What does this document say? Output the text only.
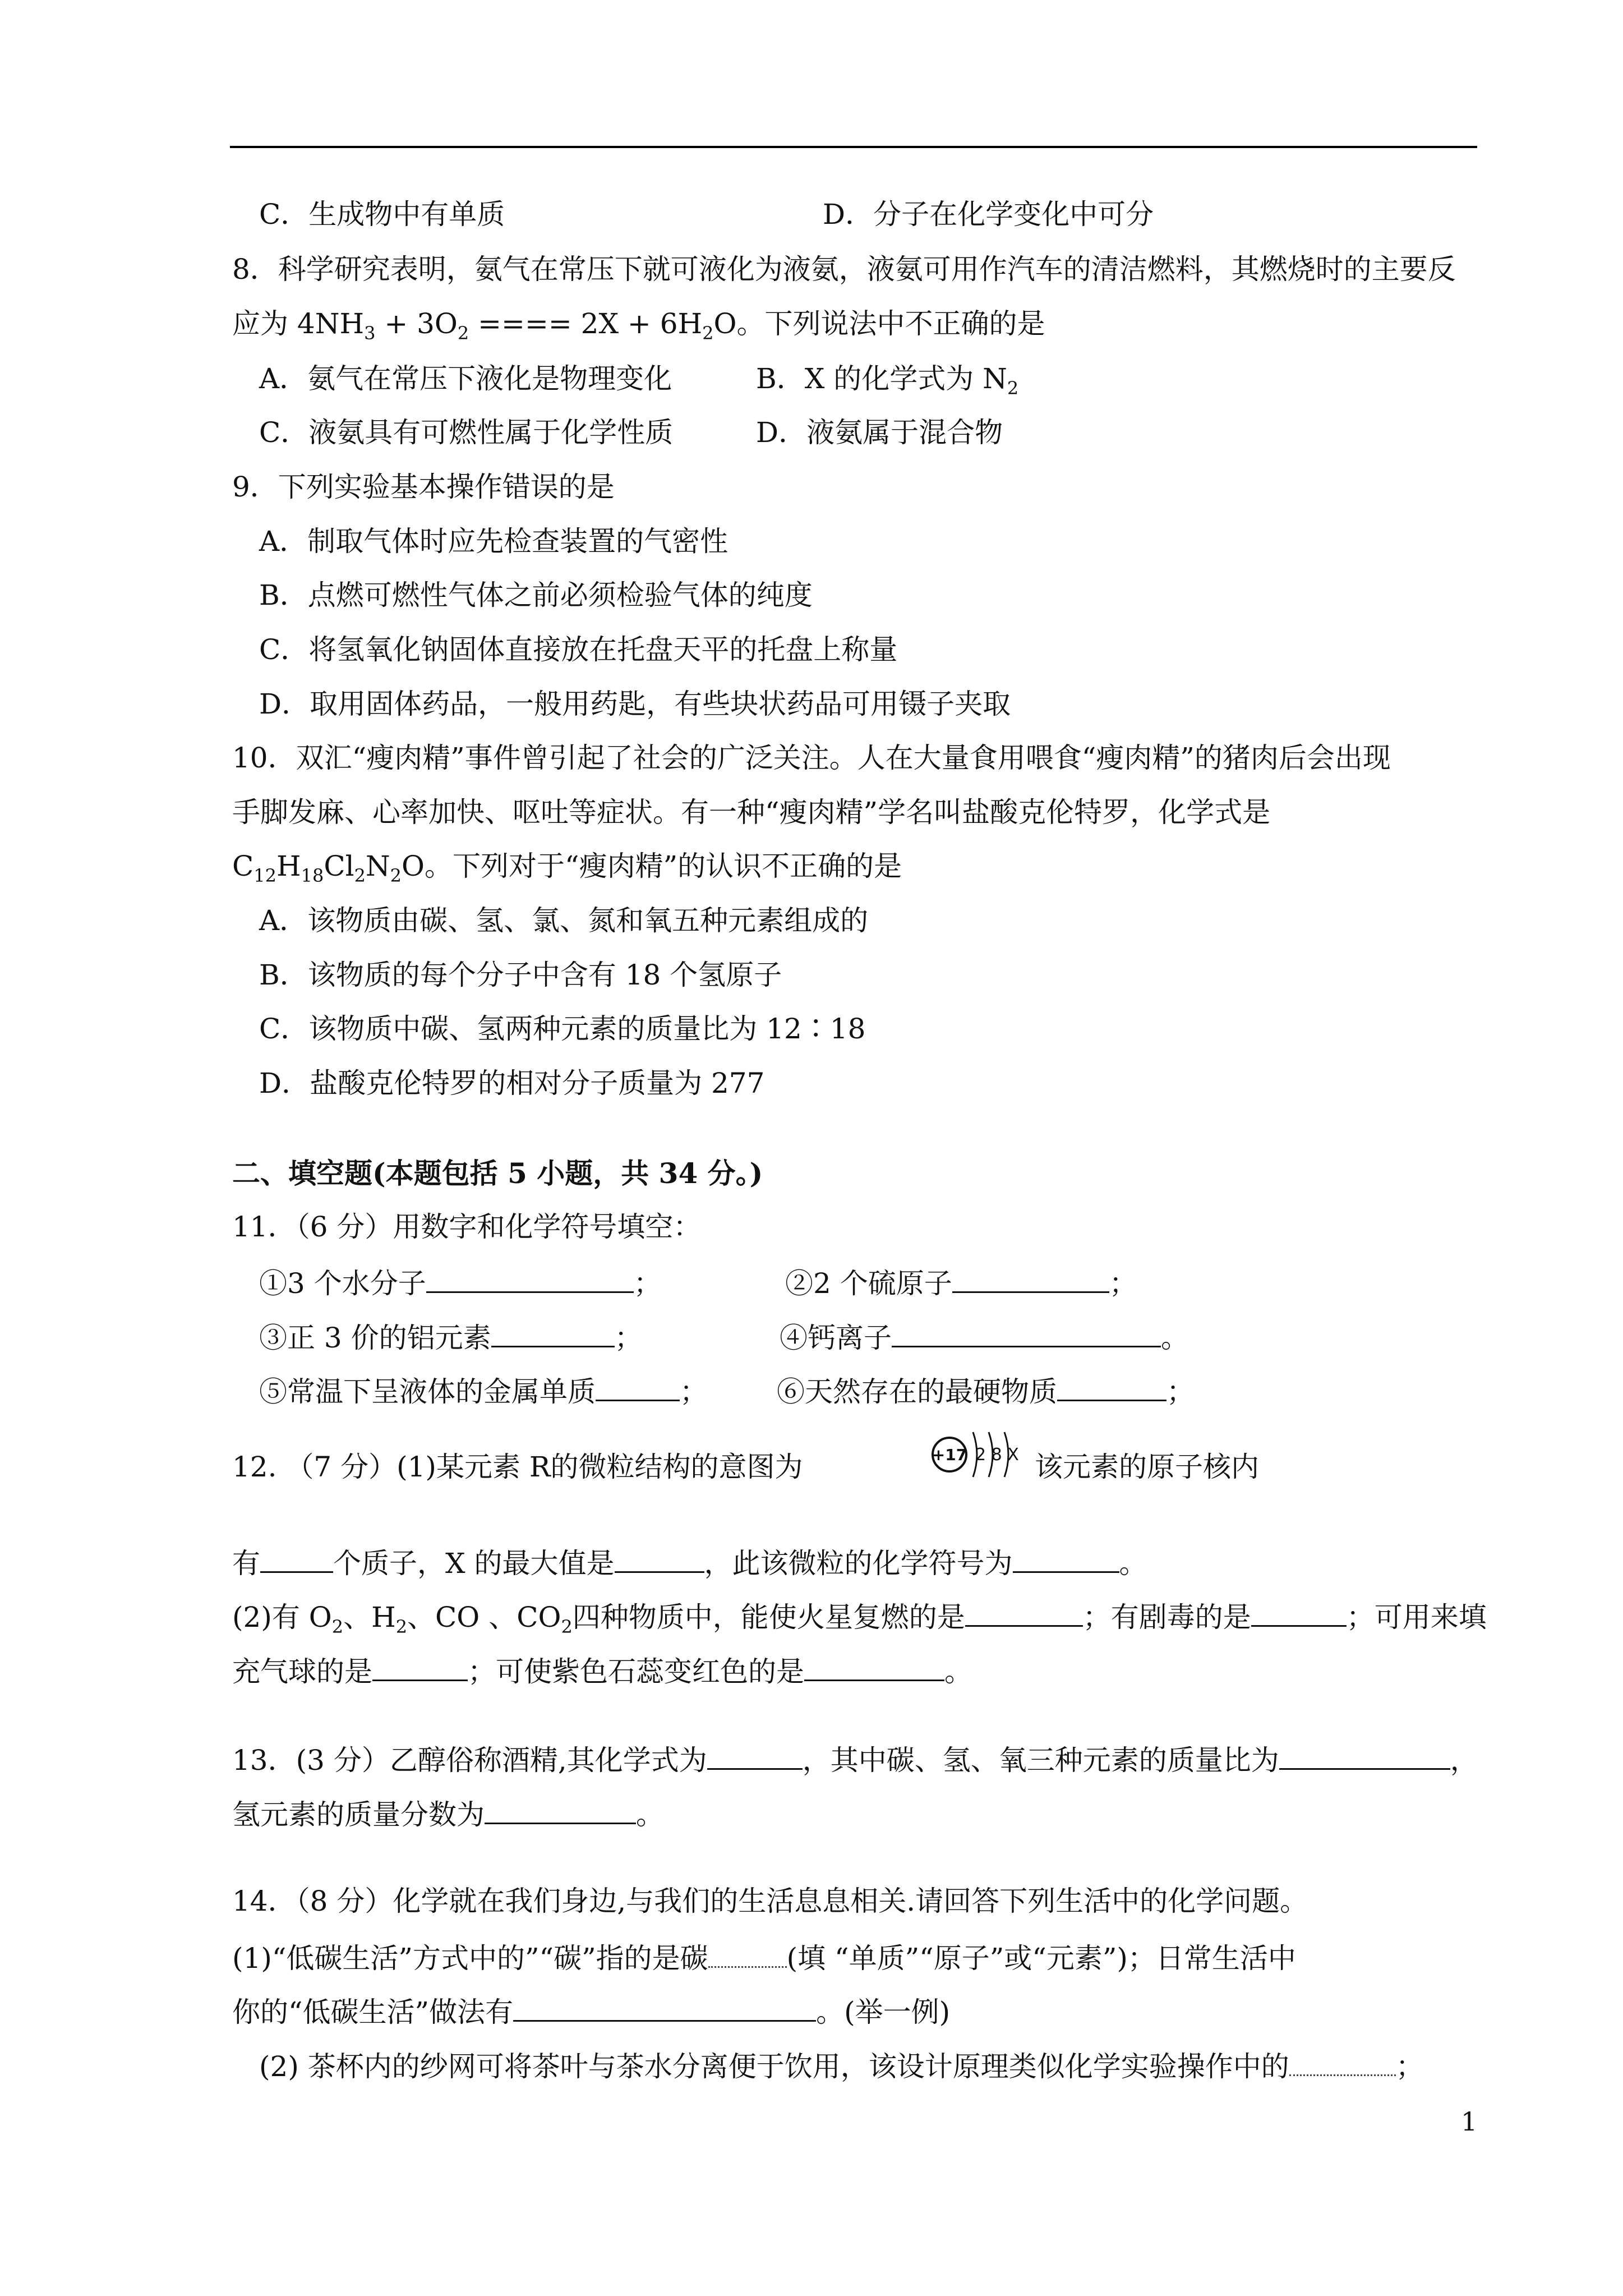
C．生成物中有单质	D．分子在化学变化中可分
8．科学研究表明，氨气在常压下就可液化为液氨，液氨可用作汽车的清洁燃料，其燃烧时的主要反
应为 $4NH_3 + 3O_2$ ==== $2X + 6H_2O$。下列说法中不正确的是
A．氨气在常压下液化是物理变化	B．X 的化学式为 $N_2$
C．液氨具有可燃性属于化学性质	D．液氨属于混合物
9．下列实验基本操作错误的是
A．制取气体时应先检查装置的气密性
B．点燃可燃性气体之前必须检验气体的纯度
C．将氢氧化钠固体直接放在托盘天平的托盘上称量
D．取用固体药品，一般用药匙，有些块状药品可用镊子夹取
10．双汇“瘦肉精”事件曾引起了社会的广泛关注。人在大量食用喂食“瘦肉精”的猪肉后会出现
手脚发麻、心率加快、呕吐等症状。有一种“瘦肉精”学名叫盐酸克伦特罗，化学式是
$C_{12}H_{18}Cl_2N_2O$。下列对于“瘦肉精”的认识不正确的是
A．该物质由碳、氢、氯、氮和氧五种元素组成的
B．该物质的每个分子中含有 18 个氢原子
C．该物质中碳、氢两种元素的质量比为 12∶18
D．盐酸克伦特罗的相对分子质量为 277
二、填空题(本题包括 5 小题，共 34 分。)
11．（6 分）用数字和化学符号填空：
①3 个水分子	；	②2 个硫原子	；
③正 3 价的铝元素	；	④钙离子	。
⑤常温下呈液体的金属单质	； ⑥天然存在的最硬物质	；
12. （7 分）(1)某元素 R的微粒结构的意图为	+17 2 8 X 该元素的原子核内
有	个质子，X 的最大值是	，此该微粒的化学符号为	。
(2)有 $O_2$、$H_2$、CO 、$CO_2$四种物质中，能使火星复燃的是	；有剧毒的是	；可用来填
充气球的是	；可使紫色石蕊变红色的是	。
13．(3 分）乙醇俗称酒精,其化学式为	，其中碳、氢、氧三种元素的质量比为	，
氢元素的质量分数为	。
14．（8 分）化学就在我们身边,与我们的生活息息相关.请回答下列生活中的化学问题。
(1)“低碳生活”方式中的”“碳”指的是碳	(填 “单质”“原子”或“元素”)；日常生活中
你的“低碳生活”做法有	。(举一例)
(2) 茶杯内的纱网可将茶叶与茶水分离便于饮用，该设计原理类似化学实验操作中的	；
1
